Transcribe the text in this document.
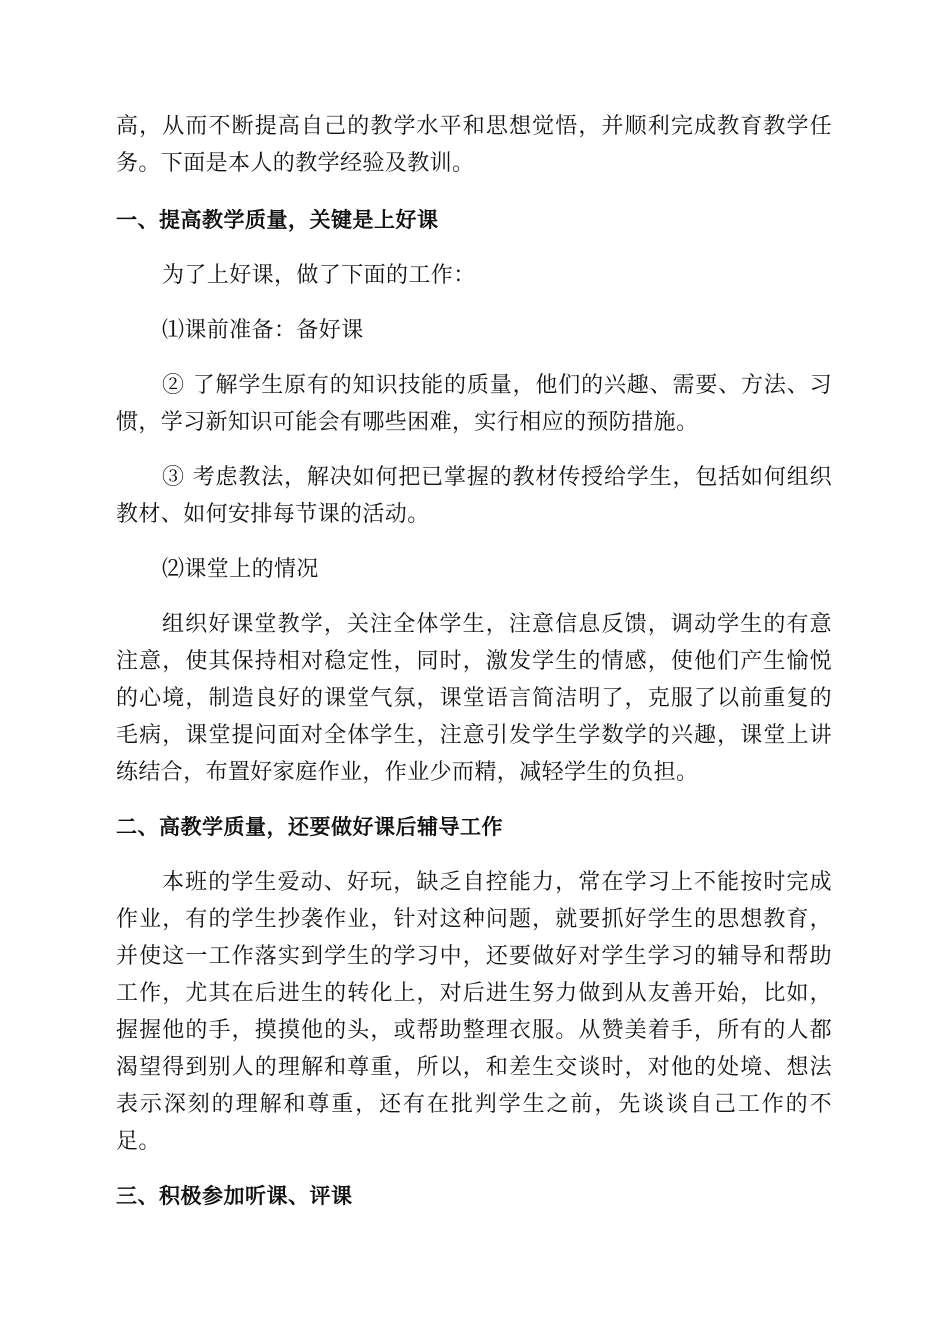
高，从而不断提高自己的教学水平和思想觉悟，并顺利完成教育教学任务。下面是本人的教学经验及教训。

一、提高教学质量，关键是上好课

为了上好课，做了下面的工作：

⑴课前准备：备好课

② 了解学生原有的知识技能的质量，他们的兴趣、需要、方法、习惯，学习新知识可能会有哪些困难，实行相应的预防措施。

③ 考虑教法，解决如何把已掌握的教材传授给学生，包括如何组织教材、如何安排每节课的活动。

⑵课堂上的情况

组织好课堂教学，关注全体学生，注意信息反馈，调动学生的有意注意，使其保持相对稳定性，同时，激发学生的情感，使他们产生愉悦的心境，制造良好的课堂气氛，课堂语言简洁明了，克服了以前重复的毛病，课堂提问面对全体学生，注意引发学生学数学的兴趣，课堂上讲练结合，布置好家庭作业，作业少而精，减轻学生的负担。

二、高教学质量，还要做好课后辅导工作

本班的学生爱动、好玩，缺乏自控能力，常在学习上不能按时完成作业，有的学生抄袭作业，针对这种问题，就要抓好学生的思想教育，并使这一工作落实到学生的学习中，还要做好对学生学习的辅导和帮助工作，尤其在后进生的转化上，对后进生努力做到从友善开始，比如，握握他的手，摸摸他的头，或帮助整理衣服。从赞美着手，所有的人都渴望得到别人的理解和尊重，所以，和差生交谈时，对他的处境、想法表示深刻的理解和尊重，还有在批判学生之前，先谈谈自己工作的不足。

三、积极参加听课、评课
